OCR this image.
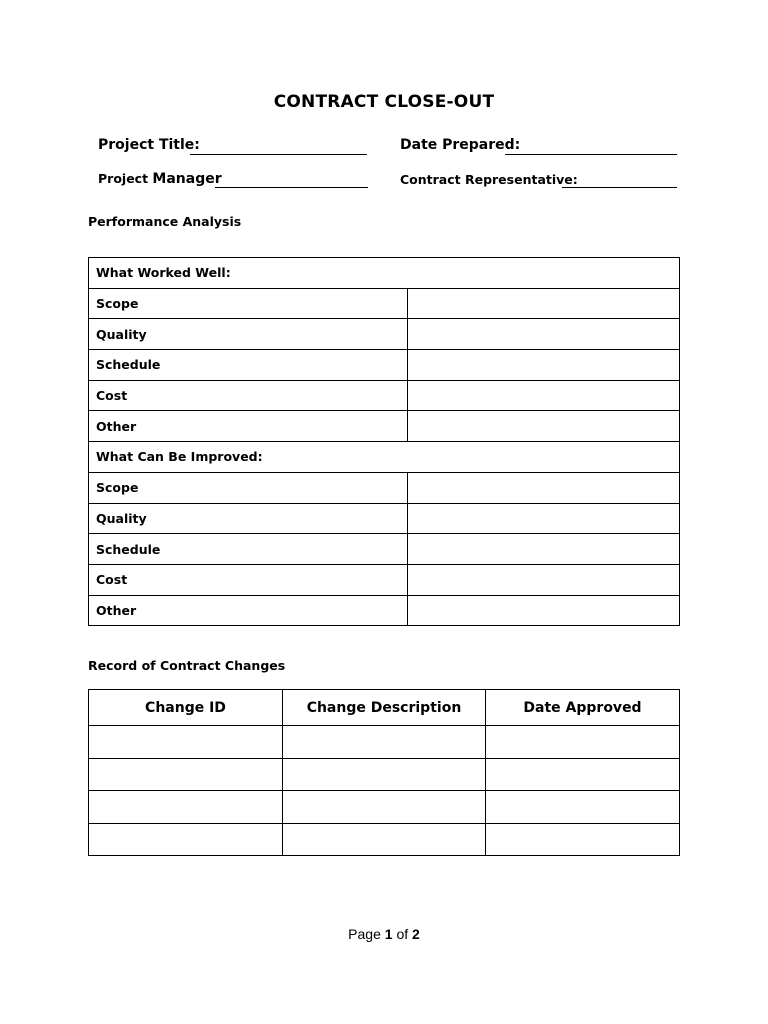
CONTRACT CLOSE-OUT
Project Title:	Date Prepared:
Project Manager	Contract Representative:
Performance Analysis
What Worked Well:	
Scope	
Quality	
Schedule	
Cost	
Other	
What Can Be Improved:	
Scope	
Quality	
Schedule	
Cost	
Other	
Record of Contract Changes
Change ID	Change Description	Date Approved

Page 1 of 2
